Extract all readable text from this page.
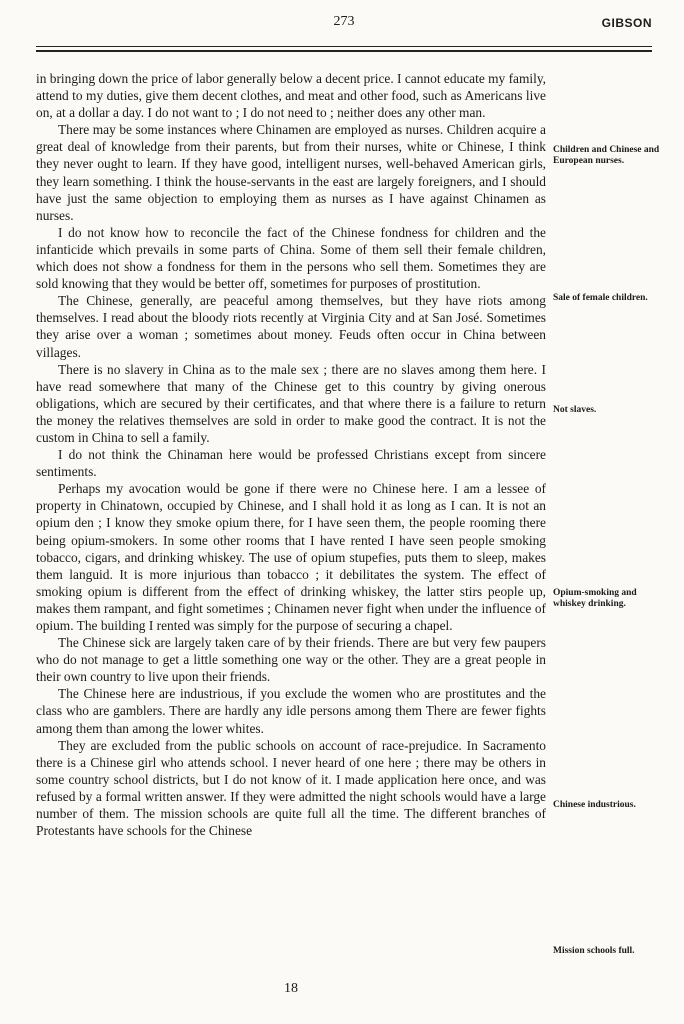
273	GIBSON

in bringing down the price of labor generally below a decent price. I cannot educate my family, attend to my duties, give them decent clothes, and meat and other food, such as Americans live on, at a dollar a day. I do not want to ; I do not need to ; neither does any other man.

There may be some instances where Chinamen are employed as nurses. Children acquire a great deal of knowledge from their parents, but from their nurses, white or Chinese, I think they never ought to learn. If they have good, intelligent nurses, well-behaved American girls, they learn something. I think the house-servants in the east are largely foreigners, and I should have just the same objection to employing them as nurses as I have against Chinamen as nurses.

I do not know how to reconcile the fact of the Chinese fondness for children and the infanticide which prevails in some parts of China. Some of them sell their female children, which does not show a fondness for them in the persons who sell them. Sometimes they are sold knowing that they would be better off, sometimes for purposes of prostitution.

The Chinese, generally, are peaceful among themselves, but they have riots among themselves. I read about the bloody riots recently at Virginia City and at San José. Sometimes they arise over a woman ; sometimes about money. Feuds often occur in China between villages.

There is no slavery in China as to the male sex ; there are no slaves among them here. I have read somewhere that many of the Chinese get to this country by giving onerous obligations, which are secured by their certificates, and that where there is a failure to return the money the relatives themselves are sold in order to make good the contract. It is not the custom in China to sell a family.

I do not think the Chinaman here would be professed Christians except from sincere sentiments.

Perhaps my avocation would be gone if there were no Chinese here. I am a lessee of property in Chinatown, occupied by Chinese, and I shall hold it as long as I can. It is not an opium den ; I know they smoke opium there, for I have seen them, the people rooming there being opium-smokers. In some other rooms that I have rented I have seen people smoking tobacco, cigars, and drinking whiskey. The use of opium stupefies, puts them to sleep, makes them languid. It is more injurious than tobacco ; it debilitates the system. The effect of smoking opium is different from the effect of drinking whiskey, the latter stirs people up, makes them rampant, and fight sometimes ; Chinamen never fight when under the influence of opium. The building I rented was simply for the purpose of securing a chapel.

The Chinese sick are largely taken care of by their friends. There are but very few paupers who do not manage to get a little something one way or the other. They are a great people in their own country to live upon their friends.

The Chinese here are industrious, if you exclude the women who are prostitutes and the class who are gamblers. There are hardly any idle persons among them There are fewer fights among them than among the lower whites.

They are excluded from the public schools on account of race-prejudice. In Sacramento there is a Chinese girl who attends school. I never heard of one here ; there may be others in some country school districts, but I do not know of it. I made application here once, and was refused by a formal written answer. If they were admitted the night schools would have a large number of them. The mission schools are quite full all the time. The different branches of Protestants have schools for the Chinese

Children and Chinese and European nurses.
Sale of female children.
Not slaves.
Opium-smoking and whiskey drinking.
Chinese industrious.
Mission schools full.
18
